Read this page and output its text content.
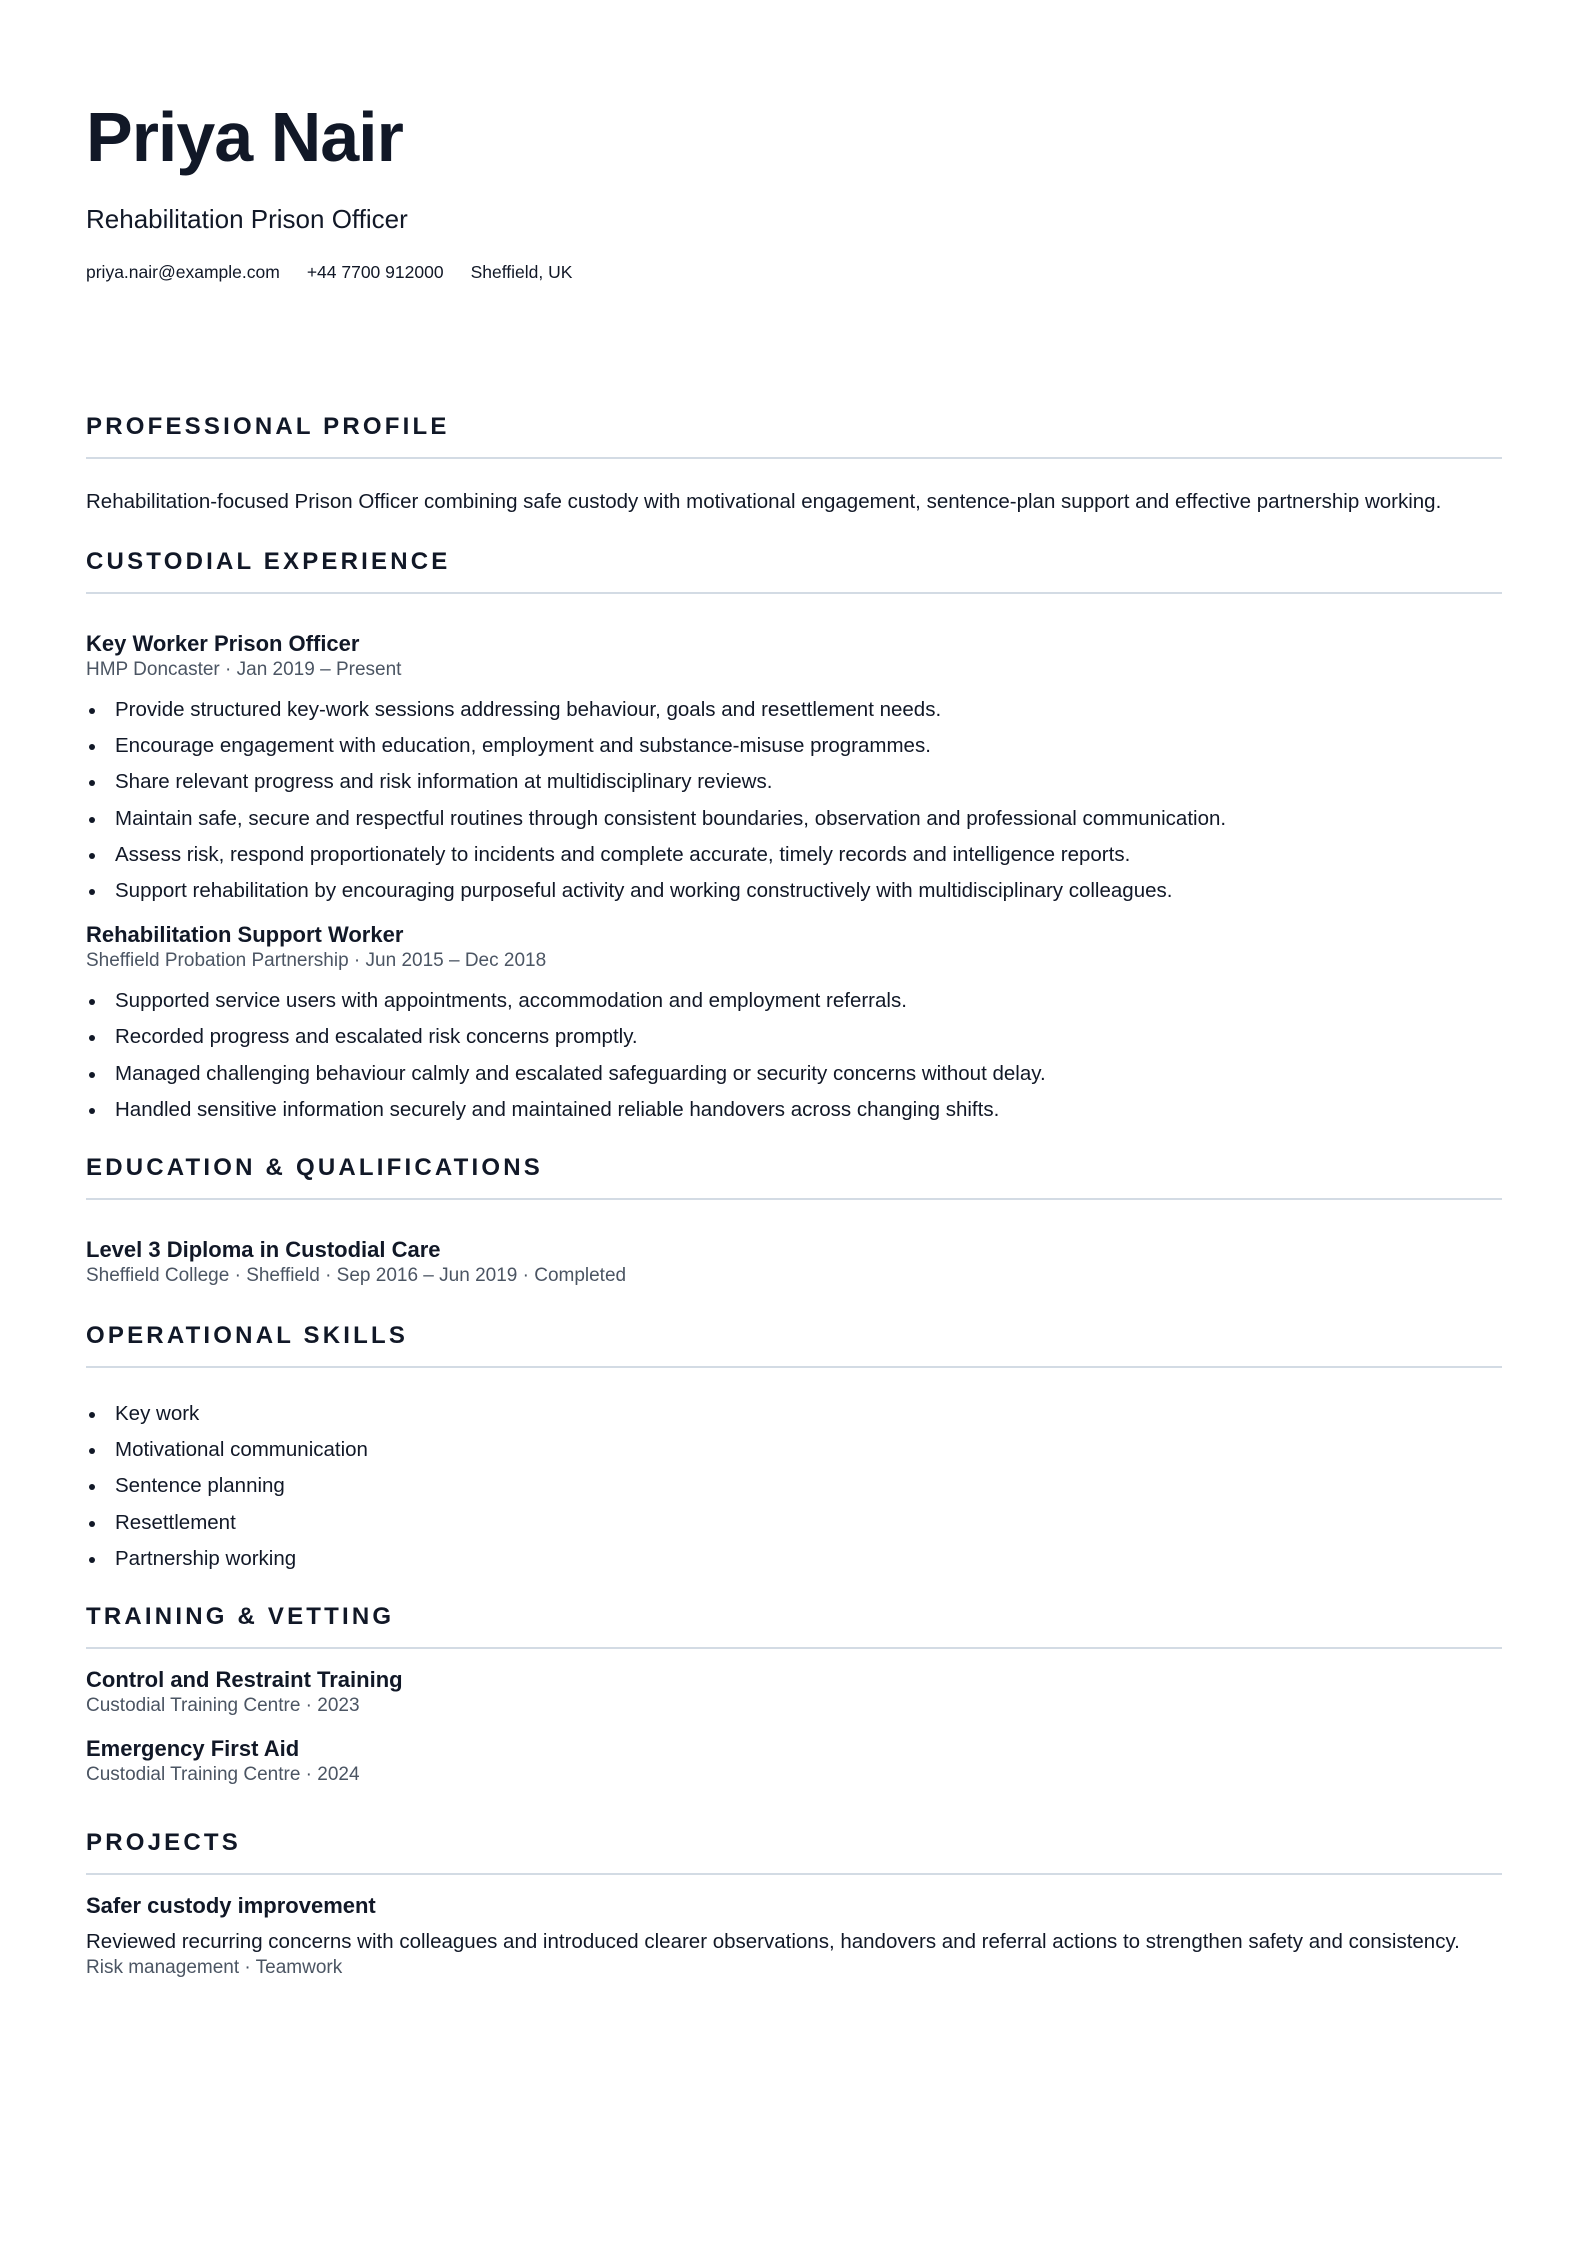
Priya Nair
Rehabilitation Prison Officer
priya.nair@example.com +44 7700 912000 Sheffield, UK
PROFESSIONAL PROFILE
Rehabilitation-focused Prison Officer combining safe custody with motivational engagement, sentence-plan support and effective partnership working.
CUSTODIAL EXPERIENCE
Key Worker Prison Officer
HMP Doncaster · Jan 2019 – Present
Provide structured key-work sessions addressing behaviour, goals and resettlement needs.
Encourage engagement with education, employment and substance-misuse programmes.
Share relevant progress and risk information at multidisciplinary reviews.
Maintain safe, secure and respectful routines through consistent boundaries, observation and professional communication.
Assess risk, respond proportionately to incidents and complete accurate, timely records and intelligence reports.
Support rehabilitation by encouraging purposeful activity and working constructively with multidisciplinary colleagues.
Rehabilitation Support Worker
Sheffield Probation Partnership · Jun 2015 – Dec 2018
Supported service users with appointments, accommodation and employment referrals.
Recorded progress and escalated risk concerns promptly.
Managed challenging behaviour calmly and escalated safeguarding or security concerns without delay.
Handled sensitive information securely and maintained reliable handovers across changing shifts.
EDUCATION & QUALIFICATIONS
Level 3 Diploma in Custodial Care
Sheffield College · Sheffield · Sep 2016 – Jun 2019 · Completed
OPERATIONAL SKILLS
Key work
Motivational communication
Sentence planning
Resettlement
Partnership working
TRAINING & VETTING
Control and Restraint Training
Custodial Training Centre · 2023
Emergency First Aid
Custodial Training Centre · 2024
PROJECTS
Safer custody improvement
Reviewed recurring concerns with colleagues and introduced clearer observations, handovers and referral actions to strengthen safety and consistency.
Risk management · Teamwork
